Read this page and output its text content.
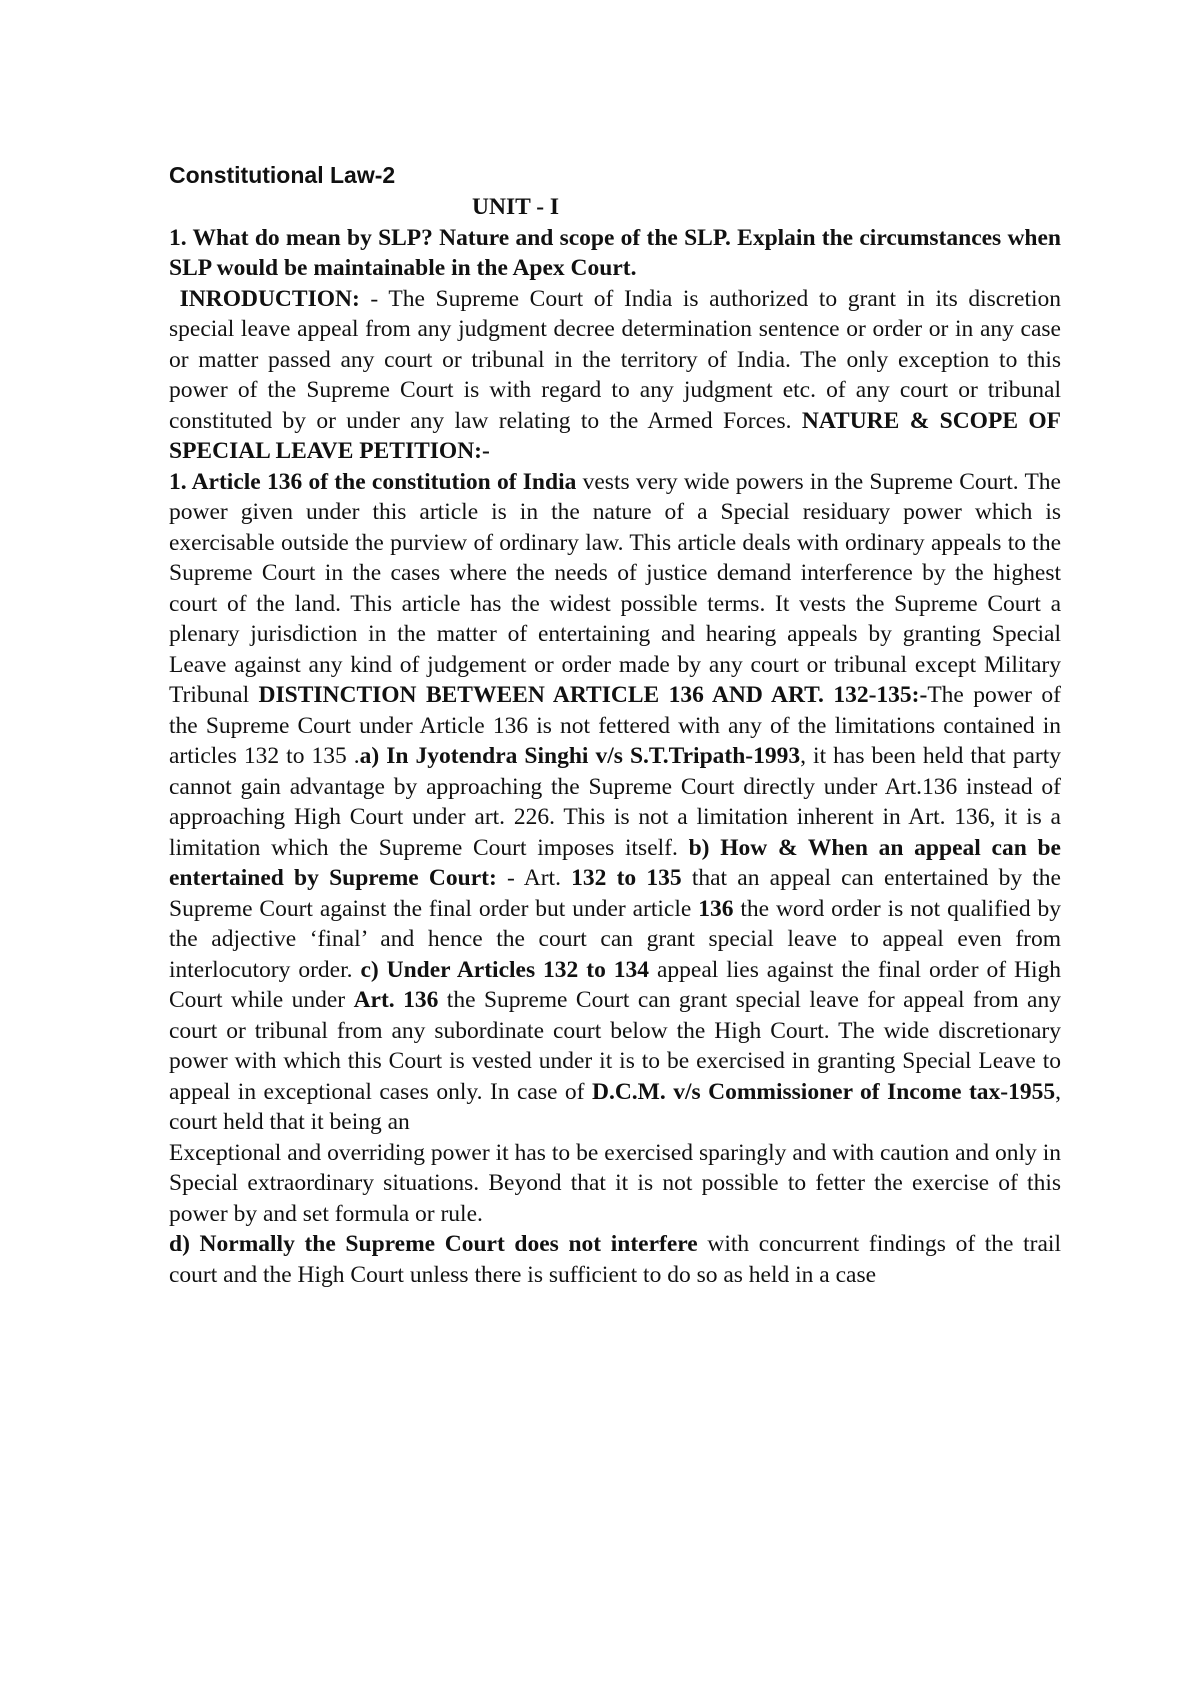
Constitutional Law-2
UNIT - I

1. What do mean by SLP? Nature and scope of the SLP. Explain the circumstances when SLP would be maintainable in the Apex Court.

INRODUCTION: - The Supreme Court of India is authorized to grant in its discretion special leave appeal from any judgment decree determination sentence or order or in any case or matter passed any court or tribunal in the territory of India. The only exception to this power of the Supreme Court is with regard to any judgment etc. of any court or tribunal constituted by or under any law relating to the Armed Forces. NATURE & SCOPE OF SPECIAL LEAVE PETITION:-

1. Article 136 of the constitution of India vests very wide powers in the Supreme Court. The power given under this article is in the nature of a Special residuary power which is exercisable outside the purview of ordinary law. This article deals with ordinary appeals to the Supreme Court in the cases where the needs of justice demand interference by the highest court of the land. This article has the widest possible terms. It vests the Supreme Court a plenary jurisdiction in the matter of entertaining and hearing appeals by granting Special Leave against any kind of judgement or order made by any court or tribunal except Military Tribunal DISTINCTION BETWEEN ARTICLE 136 AND ART. 132-135:-The power of the Supreme Court under Article 136 is not fettered with any of the limitations contained in articles 132 to 135 .a) In Jyotendra Singhi v/s S.T.Tripath-1993, it has been held that party cannot gain advantage by approaching the Supreme Court directly under Art.136 instead of approaching High Court under art. 226. This is not a limitation inherent in Art. 136, it is a limitation which the Supreme Court imposes itself. b) How & When an appeal can be entertained by Supreme Court: - Art. 132 to 135 that an appeal can entertained by the Supreme Court against the final order but under article 136 the word order is not qualified by the adjective ‘final’ and hence the court can grant special leave to appeal even from interlocutory order. c) Under Articles 132 to 134 appeal lies against the final order of High Court while under Art. 136 the Supreme Court can grant special leave for appeal from any court or tribunal from any subordinate court below the High Court. The wide discretionary power with which this Court is vested under it is to be exercised in granting Special Leave to appeal in exceptional cases only. In case of D.C.M. v/s Commissioner of Income tax-1955, court held that it being an

Exceptional and overriding power it has to be exercised sparingly and with caution and only in Special extraordinary situations. Beyond that it is not possible to fetter the exercise of this power by and set formula or rule.

d) Normally the Supreme Court does not interfere with concurrent findings of the trail court and the High Court unless there is sufficient to do so as held in a case
